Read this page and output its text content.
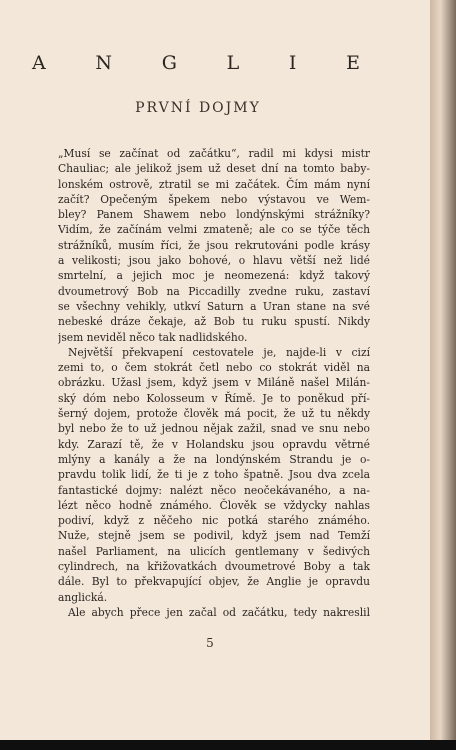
A	N	G	L	I	E
PRVNÍ DOJMY
„Musí se začínat od začátku“, radil mi kdysi mistr
Chauliac; ale jelikož jsem už deset dní na tomto baby-
lonském ostrově, ztratil se mi začátek. Čím mám nyní
začít? Opečeným špekem nebo výstavou ve Wem-
bley? Panem Shawem nebo londýnskými strážníky?
Vidím, že začínám velmi zmateně; ale co se týče těch
strážníků, musím říci, že jsou rekrutováni podle krásy
a velikosti; jsou jako bohové, o hlavu větší než lidé
smrtelní, a jejich moc je neomezená: když takový
dvoumetrový Bob na Piccadilly zvedne ruku, zastaví
se všechny vehikly, utkví Saturn a Uran stane na své
nebeské dráze čekaje, až Bob tu ruku spustí. Nikdy
jsem neviděl něco tak nadlidského.
Největší překvapení cestovatele je, najde-li v cizí
zemi to, o čem stokrát četl nebo co stokrát viděl na
obrázku. Užasl jsem, když jsem v Miláně našel Milán-
ský dóm nebo Kolosseum v Římě. Je to poněkud pří-
šerný dojem, protože člověk má pocit, že už tu někdy
byl nebo že to už jednou nějak zažil, snad ve snu nebo
kdy. Zarazí tě, že v Holandsku jsou opravdu větrné
mlýny a kanály a že na londýnském Strandu je o-
pravdu tolik lidí, že ti je z toho špatně. Jsou dva zcela
fantastické dojmy: nalézt něco neočekávaného, a na-
lézt něco hodně známého. Člověk se vždycky nahlas
podiví, když z něčeho nic potká starého známého.
Nuže, stejně jsem se podivil, když jsem nad Temží
našel Parliament, na ulicích gentlemany v šedivých
cylindrech, na křižovatkách dvoumetrové Boby a tak
dále. Byl to překvapující objev, že Anglie je opravdu
anglická.
Ale abych přece jen začal od začátku, tedy nakreslil
5
